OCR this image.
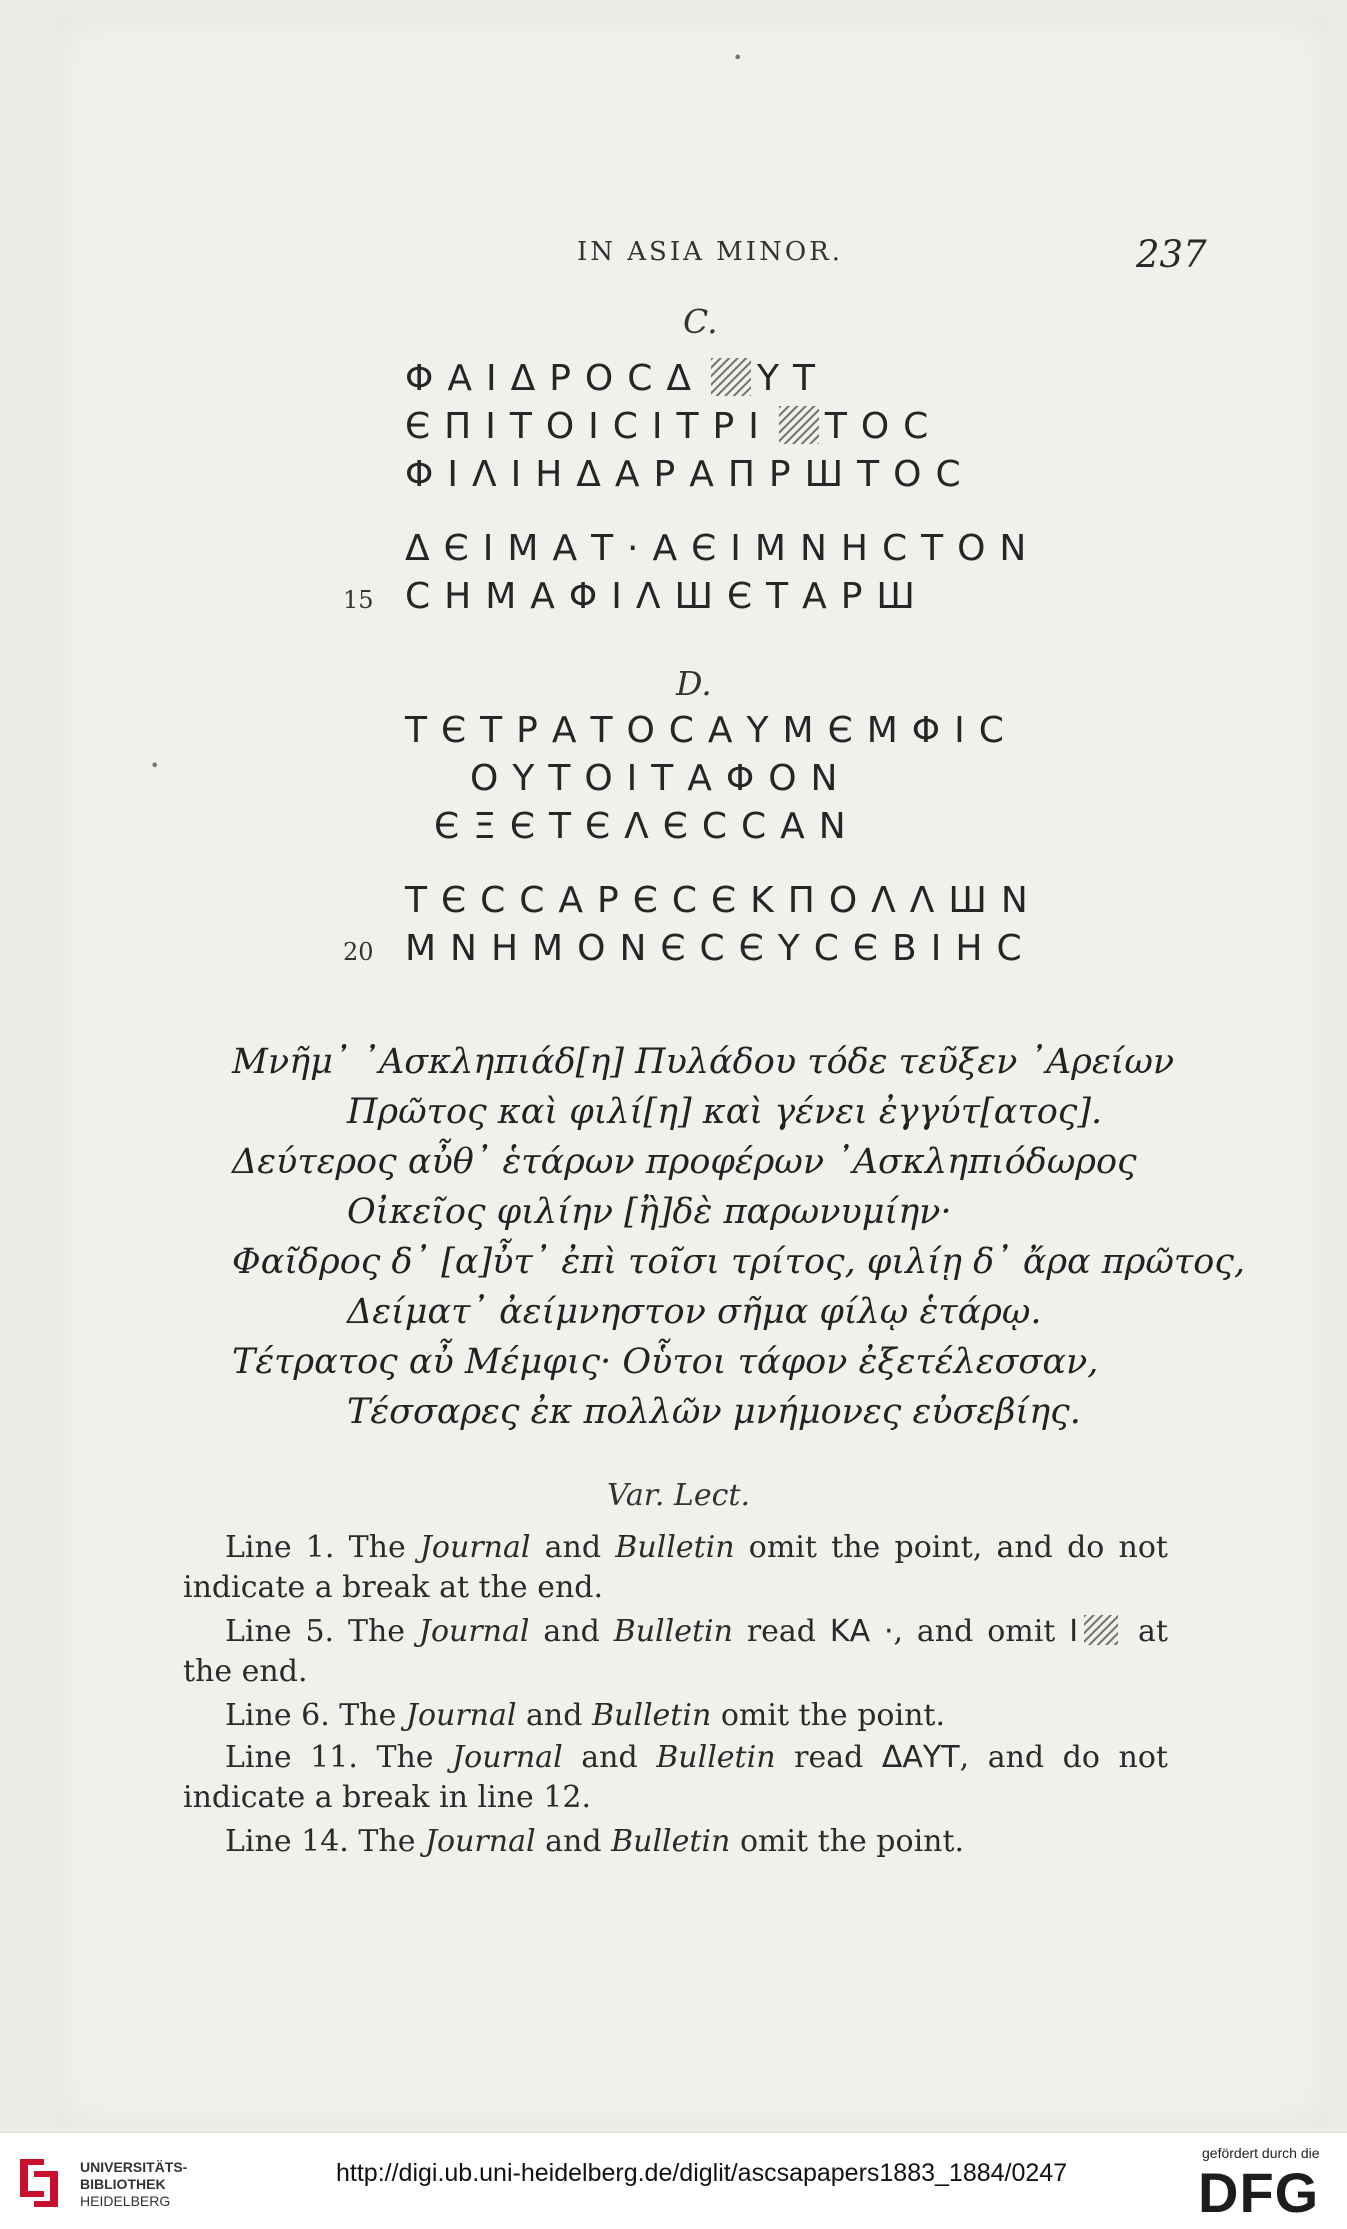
•
•
IN ASIA MINOR.	237
C.
ΦΑΙΔΡΟCΔ ΥΤ
ЄΠΙΤΟΙCΙΤΡΙ ΤΟC
ΦΙΛΙΗΔΑΡΑΠΡШΤΟC
ΔЄΙΜΑΤ·ΑЄΙΜΝΗCΤΟΝ
15 CΗΜΑΦΙΛШЄΤΑΡШ
D.
ΤЄΤΡΑΤΟCΑΥΜЄΜΦΙC
ΟΥΤΟΙΤΑΦΟΝ
ЄΞЄΤЄΛЄCCΑΝ
ΤЄCCΑΡЄCЄΚΠΟΛΛШΝ
20 ΜΝΗΜΟΝЄCЄΥCЄΒΙΗC
Μνῆμ᾽ ᾽Ασκληπιάδ[η] Πυλάδου τόδε τεῦξεν ᾽Αρείων
Πρῶτος καὶ φιλί[η] καὶ γένει ἐγγύτ[ατος].
Δεύτερος αὖθ᾽ ἑτάρων προφέρων ᾽Ασκληπιόδωρος
Οἰκεῖος φιλίην [ἢ]δὲ παρωνυμίην·
Φαῖδρος δ᾽ [α]ὖτ᾽ ἐπὶ τοῖσι τρίτος, φιλίῃ δ᾽ ἄρα πρῶτος,
Δείματ᾽ ἀείμνηστον σῆμα φίλῳ ἑτάρῳ.
Τέτρατος αὖ Μέμφις· Οὗτοι τάφον ἐξετέλεσσαν,
Τέσσαρες ἐκ πολλῶν μνήμονες εὐσεβίης.
Var. Lect.
Line 1. The Journal and Bulletin omit the point, and do not indicate a break at the end.
Line 5. The Journal and Bulletin read ΚΑ ·, and omit Ι at the end.
Line 6. The Journal and Bulletin omit the point.
Line 11. The Journal and Bulletin read ΔΑΥΤ, and do not indicate a break in line 12.
Line 14. The Journal and Bulletin omit the point.
UNIVERSITÄTS-
BIBLIOTHEK
HEIDELBERG
http://digi.ub.uni-heidelberg.de/diglit/ascsapapers1883_1884/0247
gefördert durch die
DFG
